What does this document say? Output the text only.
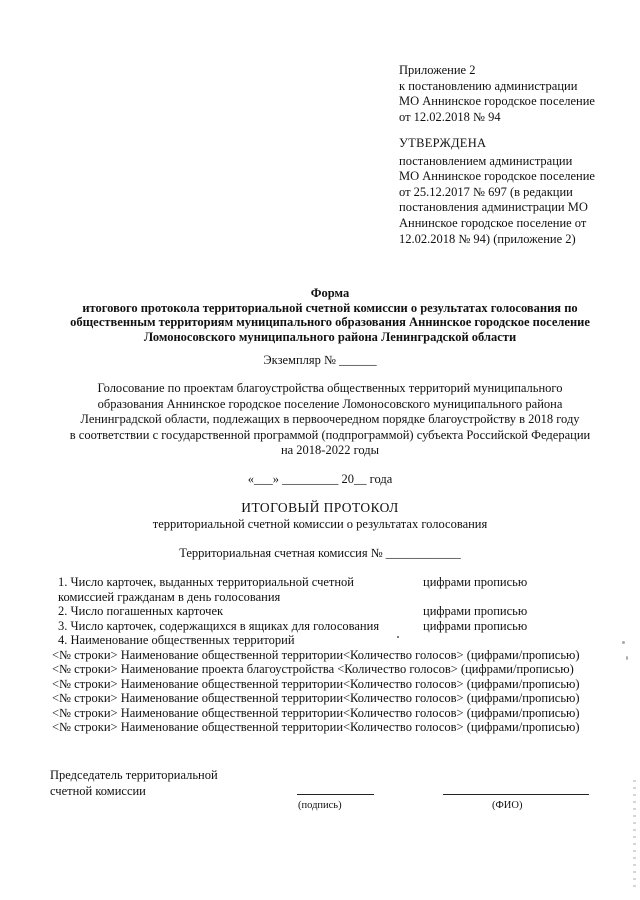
Приложение 2
к постановлению администрации
МО Аннинское городское поселение
от 12.02.2018 № 94
УТВЕРЖДЕНА
постановлением администрации
МО Аннинское городское поселение
от 25.12.2017 № 697 (в редакции
постановления администрации МО
Аннинское городское поселение от
12.02.2018 № 94) (приложение 2)
Форма
итогового протокола территориальной счетной комиссии о результатах голосования по
общественным территориям муниципального образования Аннинское городское поселение
Ломоносовского муниципального района Ленинградской области
Экземпляр № ______
Голосование по проектам благоустройства общественных территорий муниципального
образования Аннинское городское поселение Ломоносовского муниципального района
Ленинградской области, подлежащих в первоочередном порядке благоустройству в 2018 году
в соответствии с государственной программой (подпрограммой) субъекта Российской Федерации
на 2018-2022 годы
«___» _________ 20__ года
ИТОГОВЫЙ ПРОТОКОЛ
территориальной счетной комиссии о результатах голосования
Территориальная счетная комиссия № ____________
1. Число карточек, выданных территориальной счетной	цифрами прописью
комиссией гражданам в день голосования
2. Число погашенных карточек	цифрами прописью
3. Число карточек, содержащихся в ящиках для голосования	цифрами прописью
4. Наименование общественных территорий
<№ строки> Наименование общественной территории<Количество голосов> (цифрами/прописью)
<№ строки> Наименование проекта благоустройства <Количество голосов> (цифрами/прописью)
<№ строки> Наименование общественной территории<Количество голосов> (цифрами/прописью)
<№ строки> Наименование общественной территории<Количество голосов> (цифрами/прописью)
<№ строки> Наименование общественной территории<Количество голосов> (цифрами/прописью)
<№ строки> Наименование общественной территории<Количество голосов> (цифрами/прописью)
Председатель территориальной
счетной комиссии
(подпись)	(ФИО)
